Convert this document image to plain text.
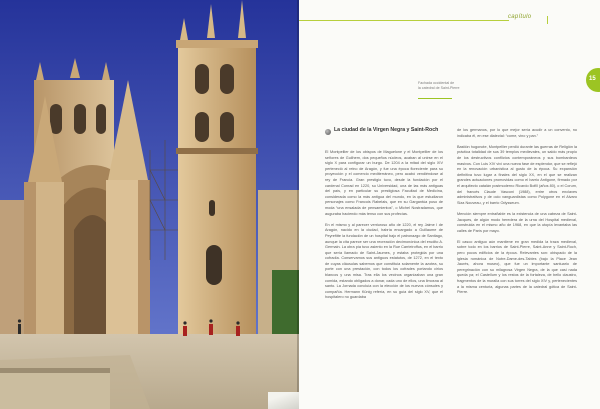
capítulo
Fachada occidental de
la catedral de Saint-Pierre
La ciudad de la Virgen Negra y Saint-Roch

El Montpellier de los obispos de Maguelone y el Montpellier de los señores de Guilhem, dos pequeños núcleos, acaban al unirse en el siglo X para configurar un burgo. De 1204 a la mitad del siglo XIV perteneció al reino de Aragón, y fue una época floreciente para su proyección y el comercio mediterráneo, pero acabó vendiéndose al rey de Francia. Gran prestigio tuvo, desde la fundación por el cardenal Conrad en 1220, su Universidad, una de las más antiguas del país, y en particular su prestigiosa Facultad de Medicina, considerada como la más antigua del mundo, en la que estudiaron personajes como Francois Rabelais, que en su Gargantúa puso de moda “una ensalada de pensamientos”, o Michel Nostradamus, que auguraba haciendo más tenso con sus profecías.

En el mismo y al parecer venturoso año de 1220, el rey Jaime I de Aragón, nacido en la ciudad, habría encargado a Guillaume de Peyrefitte la fundación de un hospital bajo el patronazgo de Santiago, aunque la cita parece ser una recreación decimonónica del erudito A. Germain. La obra pía tuvo asiento en la Rue Carrieiroffus, en el barrio que sería llamado de Saint-Jaumes, y estaba protegida por una cofradía. Conservamos sus antiguos estatutos, de 1272, en el texto de cuyas cláusulas sabemos que constituía solamente la azotea, su porte con una prestación, con todos los cofrades portando cirios blancos y una misa. Tras ella los vecinos organizaban una gran comida, estando obligados a donar, cada uno de ellos, una limosna al santo. La Jornada concluía con la elección de los nuevos cónsules y compañía. Hermann Künig refería, en su guía del siglo XV, que el hospitalero no guardaba

de los germanos, por lo que mejor sería acudir a un convento, no indicaba él, en ese dialectal: “come, vino y pan.”

Bastión hugonote, Montpellier perdió durante las guerras de Religión la práctica totalidad de sus 39 templos medievales, un saldo más propio de los destructivos conflictos contemporáneos y sus bombardeos masivos. Con Luis XIV viví una nueva fase de esplendor, que se reflejó en la renovación urbanística al gusto de la época. Su expansión definitiva tuvo lugar a finales del siglo XX, en el que se realizan grandes actuaciones promovidas como el barrio Antigone, firmado por el arquitecto catalán postmoderno Ricardo Bofill (años 80), o el Corum, del francés Claude Vasconi (1988), entre otros enclaves administrativos y de ocio vanguardistas como Polygone en el Alvaro Siza Nouveau, y el barrio Odysseum.

Mención siempre entrañable es la existencia de una cabeza de Saint-Jacques, de algún modo heredera de la urna del Hospital medieval, construida en el mismo año de 1968, en que la utopía levantaba las calles de París por mayo.

El casco antiguo aún mantiene en gran medida la traza medieval, sobre todo en los barrios de Saint-Pierre, Saint-Anne y Saint-Roch, pero pocos edificios de la época. Relevantes son: obispado de la iglesia románica de Notre-Dame-des-Tables (bajo la Place Jean Jaurès, ahora museo), que fue un importante santuario de peregrinación con su milagrosa Virgen Negra, de la que casi nada queda ya; el Castellum y los restos de la fortaleza, de bello claustro, fragmentos de la muralla con sus torres del siglo XIV y, pertenecientes a la misma centuria, algunas partes de la catedral gótica de Saint-Pierre.

15
